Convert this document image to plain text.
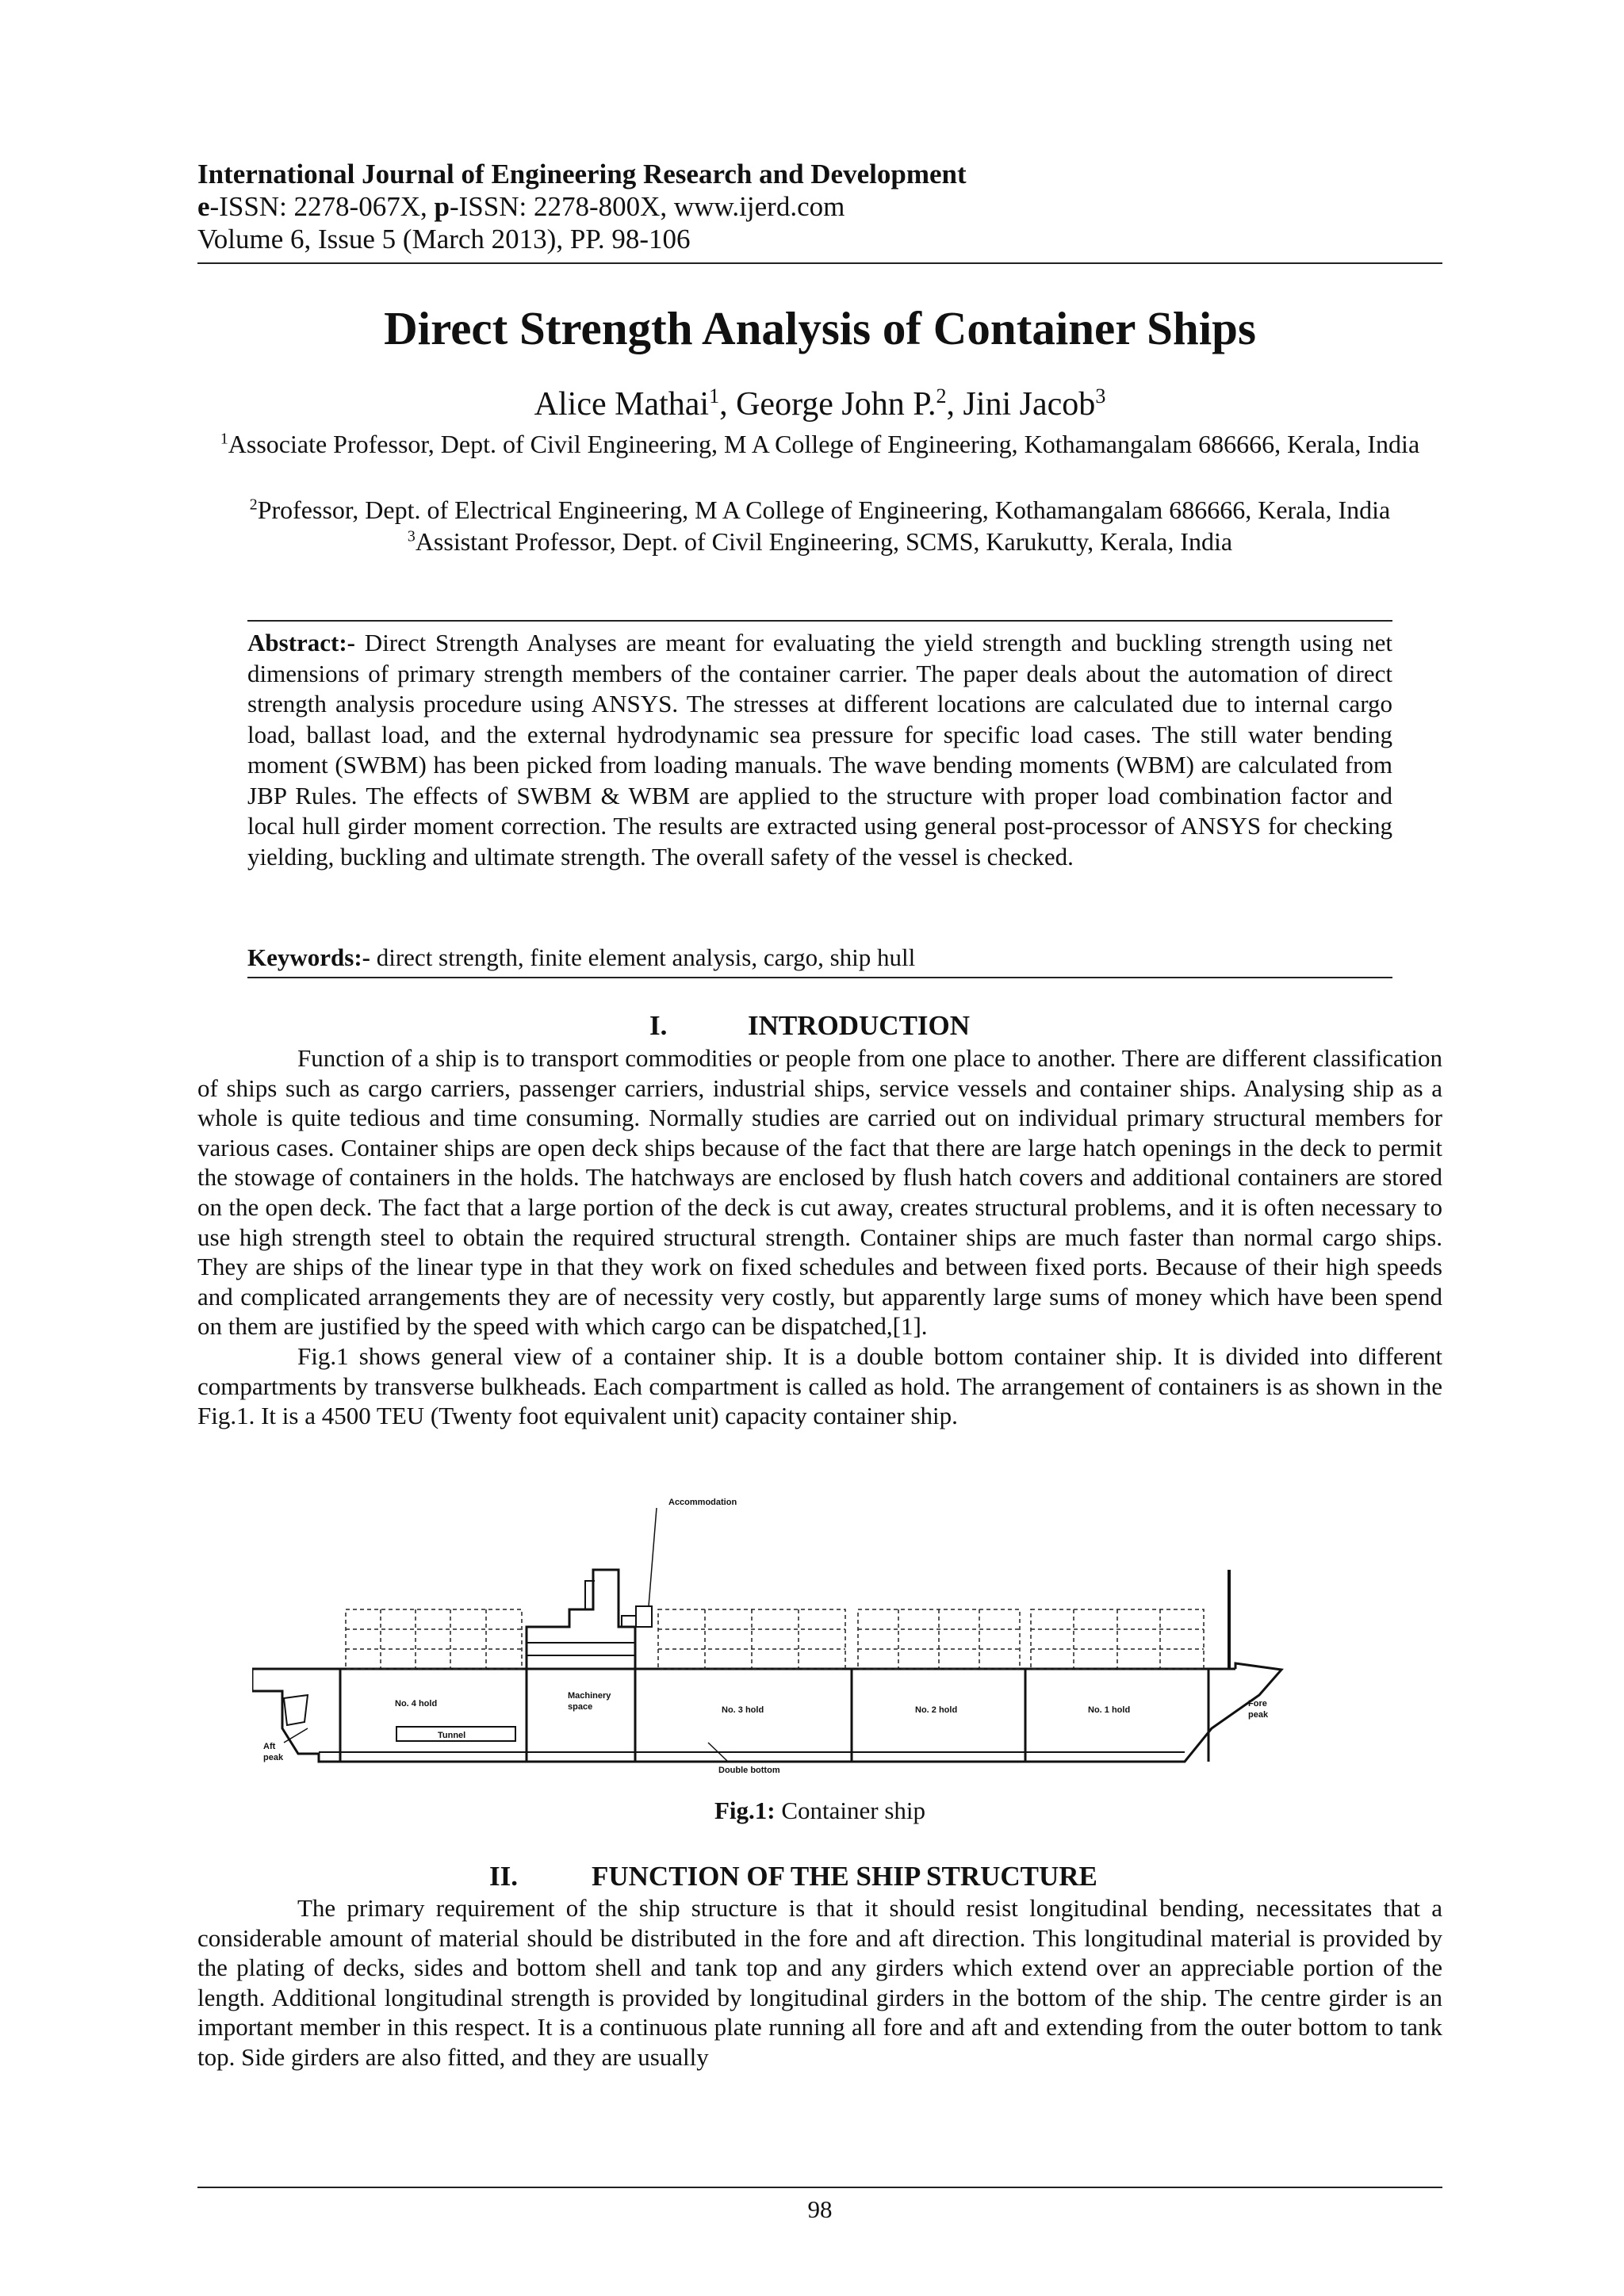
International Journal of Engineering Research and Development
e-ISSN: 2278-067X, p-ISSN: 2278-800X, www.ijerd.com
Volume 6, Issue 5 (March 2013), PP. 98-106
Direct Strength Analysis of Container Ships
Alice Mathai$^1$, George John P.$^2$, Jini Jacob$^3$
$^1$Associate Professor, Dept. of Civil Engineering, M A College of Engineering, Kothamangalam 686666, Kerala, India
$^2$Professor, Dept. of Electrical Engineering, M A College of Engineering, Kothamangalam 686666, Kerala, India
$^3$Assistant Professor, Dept. of Civil Engineering, SCMS, Karukutty, Kerala, India
Abstract:- Direct Strength Analyses are meant for evaluating the yield strength and buckling strength using net dimensions of primary strength members of the container carrier. The paper deals about the automation of direct strength analysis procedure using ANSYS. The stresses at different locations are calculated due to internal cargo load, ballast load, and the external hydrodynamic sea pressure for specific load cases. The still water bending moment (SWBM) has been picked from loading manuals. The wave bending moments (WBM) are calculated from JBP Rules. The effects of SWBM & WBM are applied to the structure with proper load combination factor and local hull girder moment correction. The results are extracted using general post-processor of ANSYS for checking yielding, buckling and ultimate strength. The overall safety of the vessel is checked.
Keywords:- direct strength, finite element analysis, cargo, ship hull
I.	INTRODUCTION

Function of a ship is to transport commodities or people from one place to another. There are different classification of ships such as cargo carriers, passenger carriers, industrial ships, service vessels and container ships. Analysing ship as a whole is quite tedious and time consuming. Normally studies are carried out on individual primary structural members for various cases. Container ships are open deck ships because of the fact that there are large hatch openings in the deck to permit the stowage of containers in the holds. The hatchways are enclosed by flush hatch covers and additional containers are stored on the open deck. The fact that a large portion of the deck is cut away, creates structural problems, and it is often necessary to use high strength steel to obtain the required structural strength. Container ships are much faster than normal cargo ships. They are ships of the linear type in that they work on fixed schedules and between fixed ports. Because of their high speeds and complicated arrangements they are of necessity very costly, but apparently large sums of money which have been spend on them are justified by the speed with which cargo can be dispatched,[1].

Fig.1 shows general view of a container ship. It is a double bottom container ship. It is divided into different compartments by transverse bulkheads. Each compartment is called as hold. The arrangement of containers is as shown in the Fig.1. It is a 4500 TEU (Twenty foot equivalent unit) capacity container ship.

Accommodation
No. 4 hold
Tunnel
Machinery
space	No. 3 hold	No. 2 hold	No. 1 hold
Fore
peak
Aft
peak
Double bottom
Fig.1: Container ship
II.	FUNCTION OF THE SHIP STRUCTURE

The primary requirement of the ship structure is that it should resist longitudinal bending, necessitates that a considerable amount of material should be distributed in the fore and aft direction. This longitudinal material is provided by the plating of decks, sides and bottom shell and tank top and any girders which extend over an appreciable portion of the length. Additional longitudinal strength is provided by longitudinal girders in the bottom of the ship. The centre girder is an important member in this respect. It is a continuous plate running all fore and aft and extending from the outer bottom to tank top. Side girders are also fitted, and they are usually

98
